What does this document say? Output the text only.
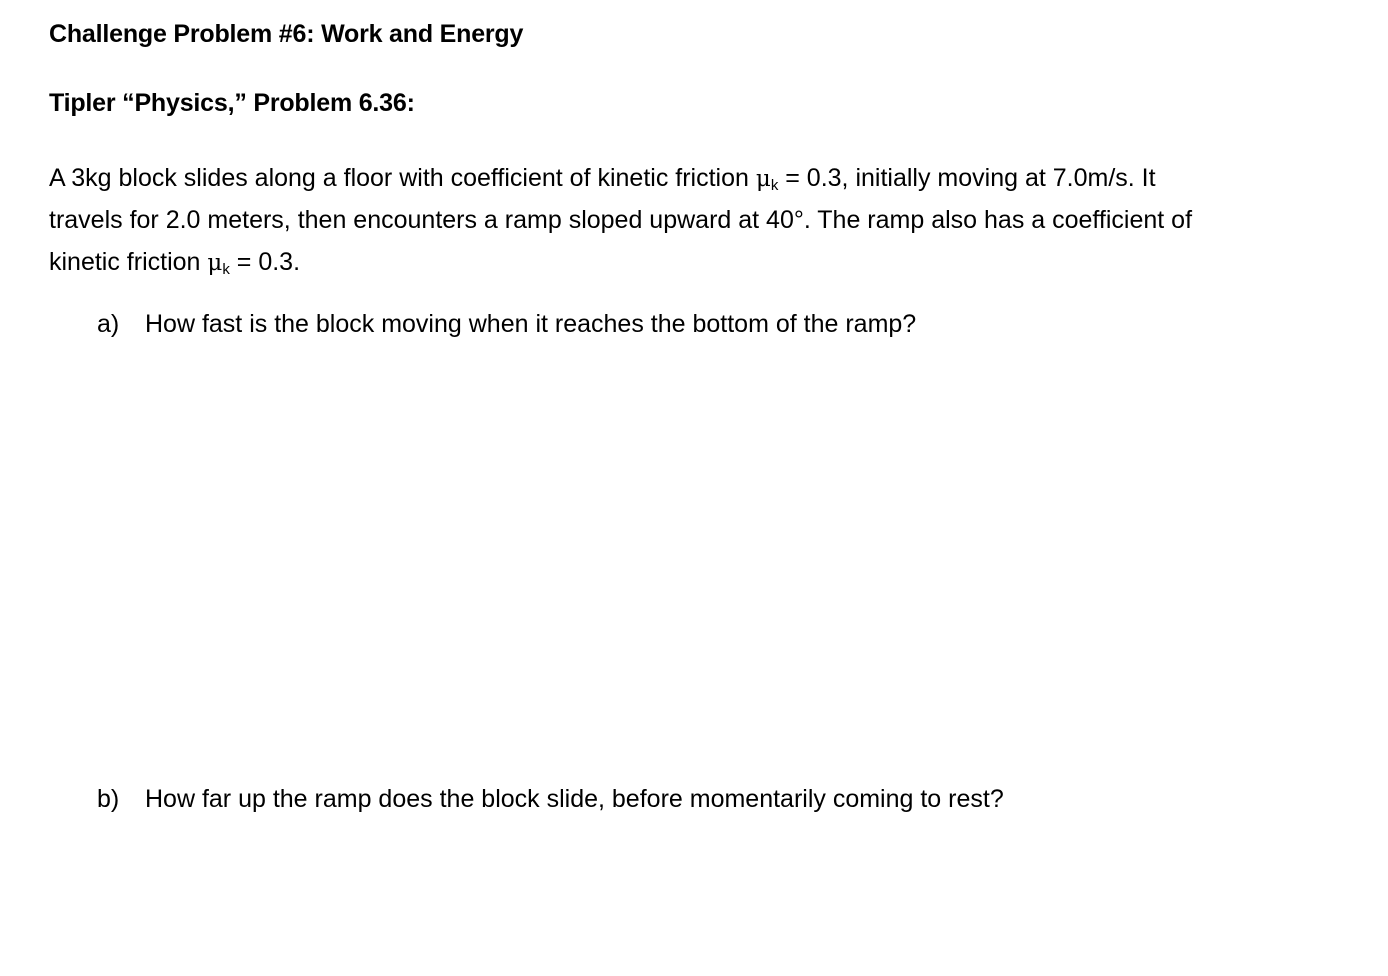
Challenge Problem #6: Work and Energy
Tipler “Physics,” Problem 6.36:
A 3kg block slides along a floor with coefficient of kinetic friction μk = 0.3, initially moving at 7.0m/s. It
travels for 2.0 meters, then encounters a ramp sloped upward at 40°. The ramp also has a coefficient of
kinetic friction μk = 0.3.
a) How fast is the block moving when it reaches the bottom of the ramp?
b) How far up the ramp does the block slide, before momentarily coming to rest?
